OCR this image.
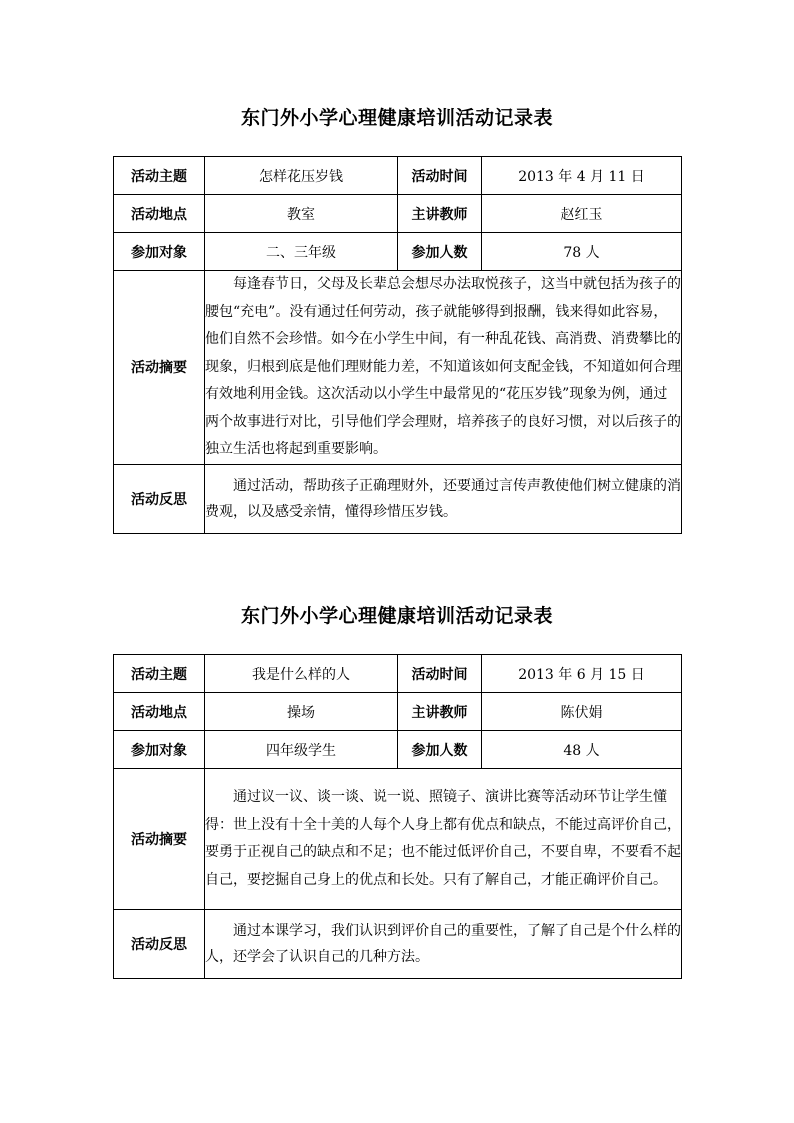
东门外小学心理健康培训活动记录表
活动主题	怎样花压岁钱	活动时间	2013 年 4 月 11 日
活动地点	教室	主讲教师	赵红玉
参加对象	二、三年级	参加人数	78 人
活动摘要	每逢春节日，父母及长辈总会想尽办法取悦孩子，这当中就包括为孩子的腰包“充电”。没有通过任何劳动，孩子就能够得到报酬，钱来得如此容易，他们自然不会珍惜。如今在小学生中间，有一种乱花钱、高消费、消费攀比的现象，归根到底是他们理财能力差，不知道该如何支配金钱，不知道如何合理有效地利用金钱。这次活动以小学生中最常见的“花压岁钱”现象为例，通过两个故事进行对比，引导他们学会理财，培养孩子的良好习惯，对以后孩子的独立生活也将起到重要影响。		
活动反思	通过活动，帮助孩子正确理财外，还要通过言传声教使他们树立健康的消费观，以及感受亲情，懂得珍惜压岁钱。		
东门外小学心理健康培训活动记录表
活动主题	我是什么样的人	活动时间	2013 年 6 月 15 日
活动地点	操场	主讲教师	陈伏娟
参加对象	四年级学生	参加人数	48 人
活动摘要	通过议一议、谈一谈、说一说、照镜子、演讲比赛等活动环节让学生懂得：世上没有十全十美的人每个人身上都有优点和缺点，不能过高评价自己，要勇于正视自己的缺点和不足；也不能过低评价自己，不要自卑，不要看不起自己，要挖掘自己身上的优点和长处。只有了解自己，才能正确评价自己。		
活动反思	通过本课学习，我们认识到评价自己的重要性，了解了自己是个什么样的人，还学会了认识自己的几种方法。		
